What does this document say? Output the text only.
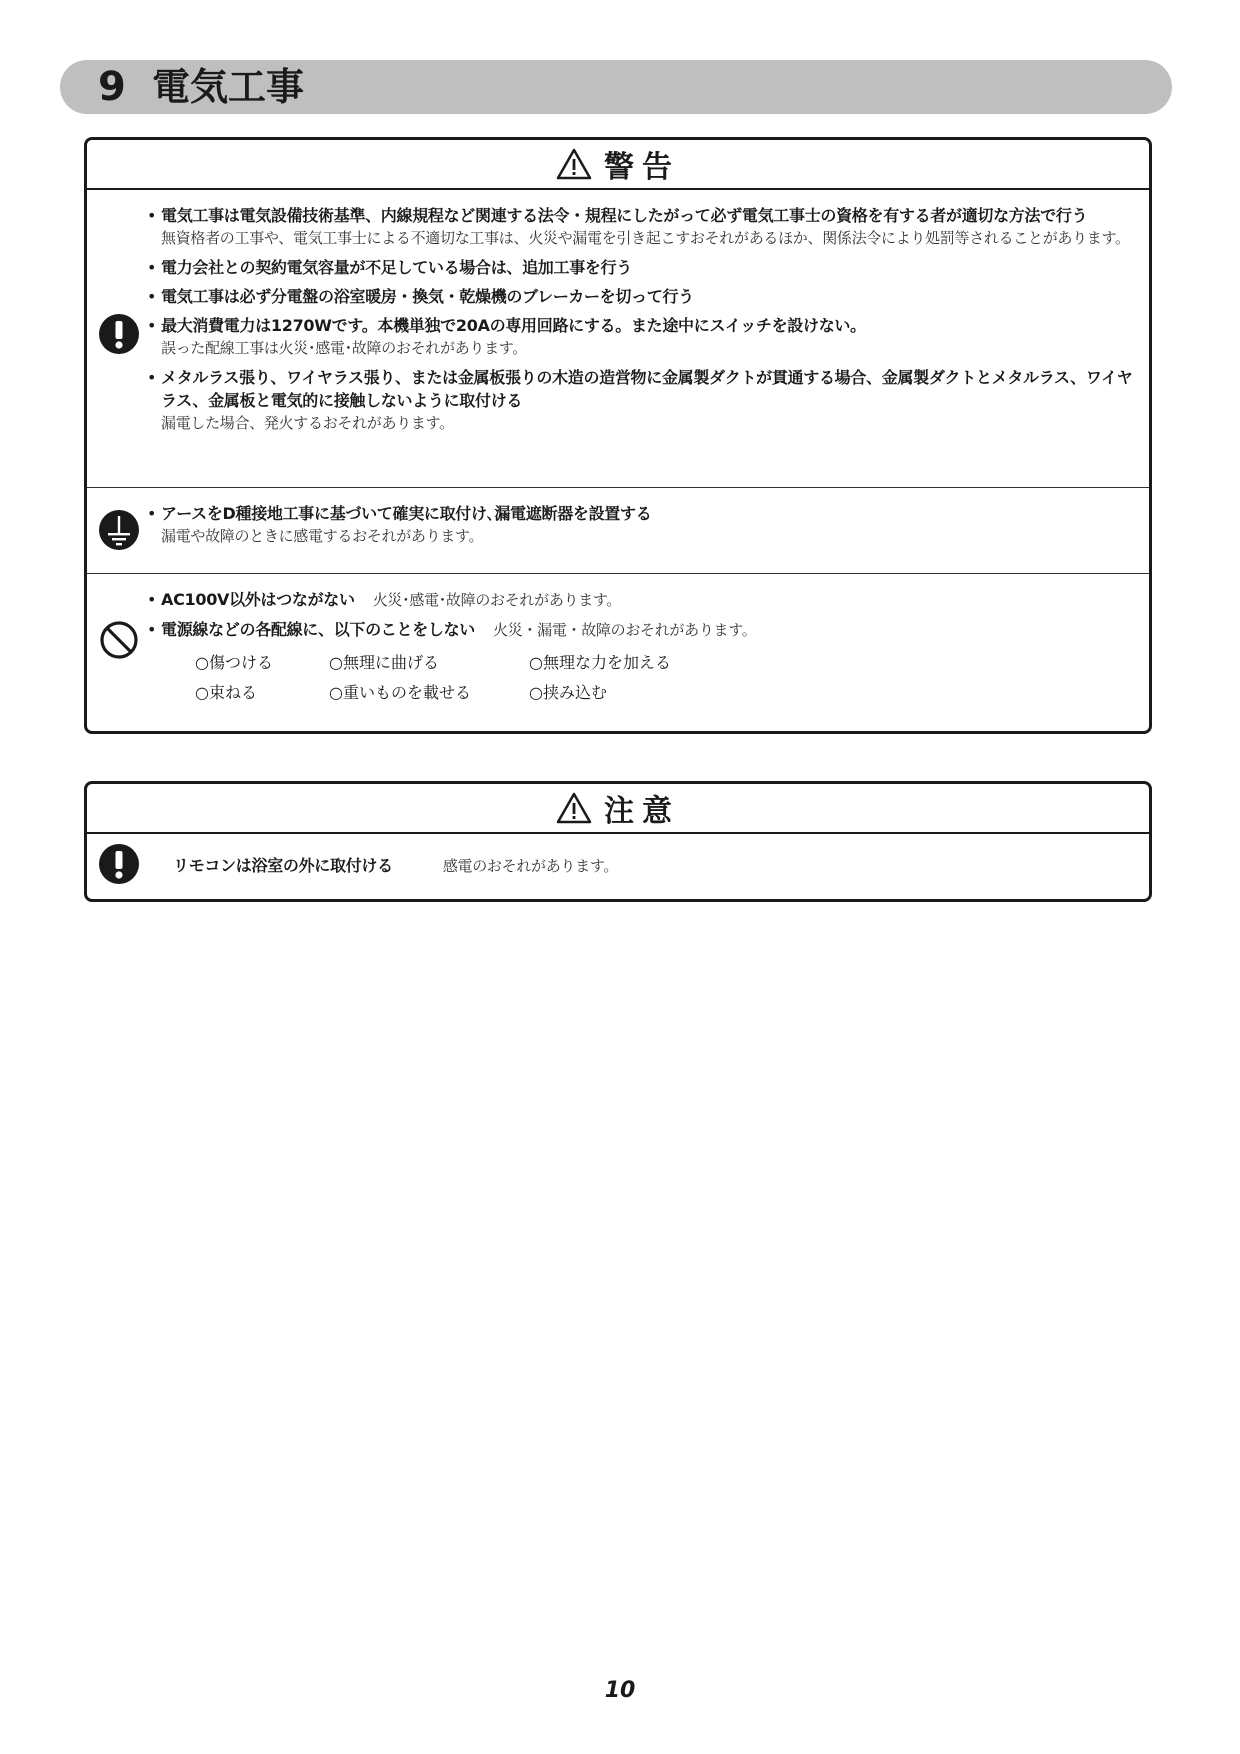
9 電気工事
警告
• 電気工事は電気設備技術基準、内線規程など関連する法令・規程にしたがって必ず電気工事士の資格を有する者が適切な方法で行う
無資格者の工事や、電気工事士による不適切な工事は、火災や漏電を引き起こすおそれがあるほか、関係法令により処罰等されることがあります。
• 電力会社との契約電気容量が不足している場合は、追加工事を行う
• 電気工事は必ず分電盤の浴室暖房・換気・乾燥機のブレーカーを切って行う
• 最大消費電力は1270Wです。本機単独で20Aの専用回路にする。また途中にスイッチを設けない。
誤った配線工事は火災･感電･故障のおそれがあります。
• メタルラス張り、ワイヤラス張り、または金属板張りの木造の造営物に金属製ダクトが貫通する場合、金属製ダクトとメタルラス、ワイヤラス、金属板と電気的に接触しないように取付ける
漏電した場合、発火するおそれがあります。
• アースをD種接地工事に基づいて確実に取付け､漏電遮断器を設置する
漏電や故障のときに感電するおそれがあります。
• AC100V以外はつながない 火災･感電･故障のおそれがあります。
• 電源線などの各配線に、以下のことをしない 火災・漏電・故障のおそれがあります。
○傷つける	○無理に曲げる	○無理な力を加える
○束ねる	○重いものを載せる	○挟み込む
注意
リモコンは浴室の外に取付ける	感電のおそれがあります。
10
